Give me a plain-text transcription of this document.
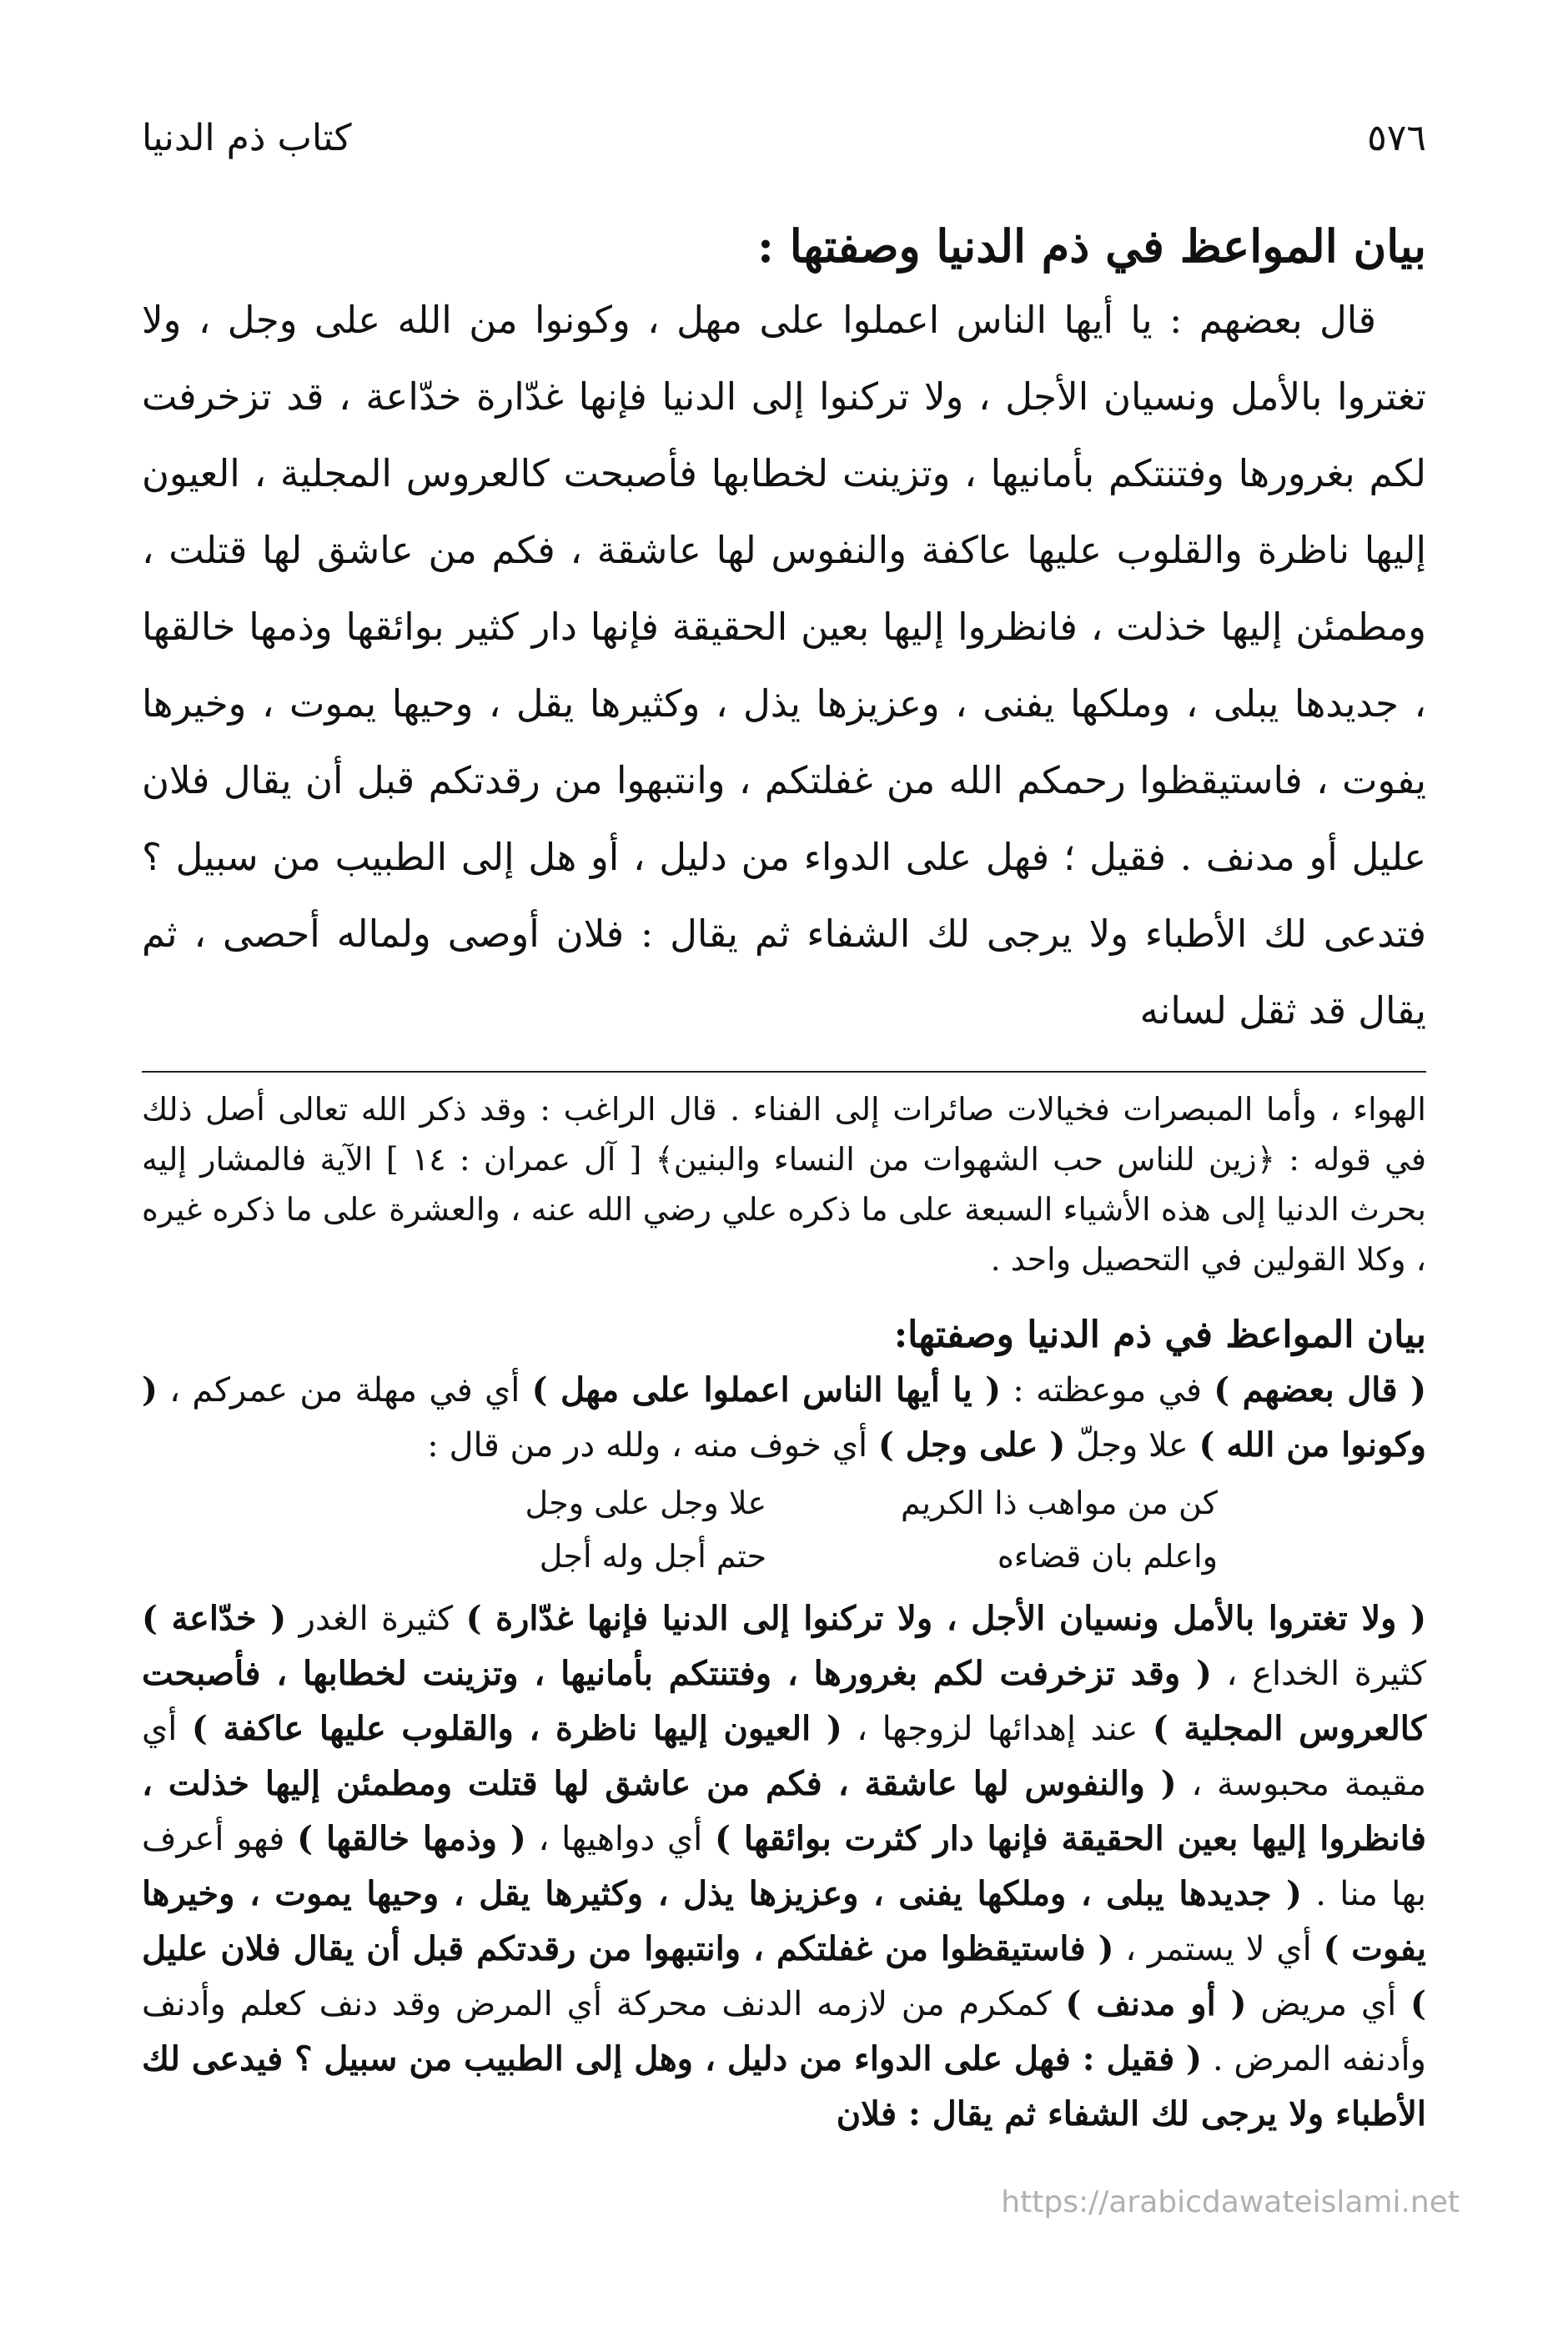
٥٧٦
كتاب ذم الدنيا
بيان المواعظ في ذم الدنيا وصفتها :

قال بعضهم : يا أيها الناس اعملوا على مهل ، وكونوا من الله على وجل ، ولا تغتروا بالأمل ونسيان الأجل ، ولا تركنوا إلى الدنيا فإنها غدّارة خدّاعة ، قد تزخرفت لكم بغرورها وفتنتكم بأمانيها ، وتزينت لخطابها فأصبحت كالعروس المجلية ، العيون إليها ناظرة والقلوب عليها عاكفة والنفوس لها عاشقة ، فكم من عاشق لها قتلت ، ومطمئن إليها خذلت ، فانظروا إليها بعين الحقيقة فإنها دار كثير بوائقها وذمها خالقها ، جديدها يبلى ، وملكها يفنى ، وعزيزها يذل ، وكثيرها يقل ، وحيها يموت ، وخيرها يفوت ، فاستيقظوا رحمكم الله من غفلتكم ، وانتبهوا من رقدتكم قبل أن يقال فلان عليل أو مدنف . فقيل ؛ فهل على الدواء من دليل ، أو هل إلى الطبيب من سبيل ؟ فتدعى لك الأطباء ولا يرجى لك الشفاء ثم يقال : فلان أوصى ولماله أحصى ، ثم يقال قد ثقل لسانه

الهواء ، وأما المبصرات فخيالات صائرات إلى الفناء . قال الراغب : وقد ذكر الله تعالى أصل ذلك في قوله : ﴿زين للناس حب الشهوات من النساء والبنين﴾ [ آل عمران : ١٤ ] الآية فالمشار إليه بحرث الدنيا إلى هذه الأشياء السبعة على ما ذكره علي رضي الله عنه ، والعشرة على ما ذكره غيره ، وكلا القولين في التحصيل واحد .

بيان المواعظ في ذم الدنيا وصفتها:

( قال بعضهم ) في موعظته : ( يا أيها الناس اعملوا على مهل ) أي في مهلة من عمركم ، ( وكونوا من الله ) علا وجلّ ( على وجل ) أي خوف منه ، ولله در من قال :

كن من مواهب ذا الكريم
علا وجل على وجل
واعلم بان قضاءه
حتم أجل وله أجل

( ولا تغتروا بالأمل ونسيان الأجل ، ولا تركنوا إلى الدنيا فإنها غدّارة ) كثيرة الغدر ( خدّاعة ) كثيرة الخداع ، ( وقد تزخرفت لكم بغرورها ، وفتنتكم بأمانيها ، وتزينت لخطابها ، فأصبحت كالعروس المجلية ) عند إهدائها لزوجها ، ( العيون إليها ناظرة ، والقلوب عليها عاكفة ) أي مقيمة محبوسة ، ( والنفوس لها عاشقة ، فكم من عاشق لها قتلت ومطمئن إليها خذلت ، فانظروا إليها بعين الحقيقة فإنها دار كثرت بوائقها ) أي دواهيها ، ( وذمها خالقها ) فهو أعرف بها منا . ( جديدها يبلى ، وملكها يفنى ، وعزيزها يذل ، وكثيرها يقل ، وحيها يموت ، وخيرها يفوت ) أي لا يستمر ، ( فاستيقظوا من غفلتكم ، وانتبهوا من رقدتكم قبل أن يقال فلان عليل ) أي مريض ( أو مدنف ) كمكرم من لازمه الدنف محركة أي المرض وقد دنف كعلم وأدنف وأدنفه المرض . ( فقيل : فهل على الدواء من دليل ، وهل إلى الطبيب من سبيل ؟ فيدعى لك الأطباء ولا يرجى لك الشفاء ثم يقال : فلان

https://arabicdawateislami.net
